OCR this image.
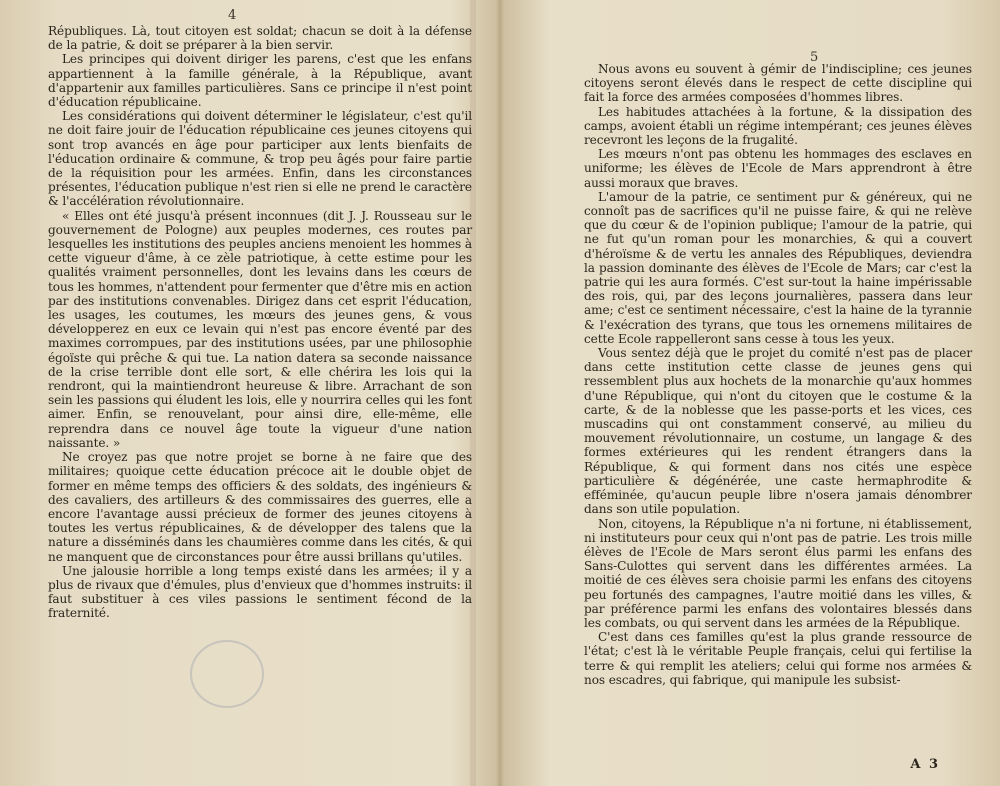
4

Républiques. Là, tout citoyen est soldat; chacun se doit à la défense de la patrie, & doit se préparer à la bien servir.

Les principes qui doivent diriger les parens, c'est que les enfans appartiennent à la famille générale, à la République, avant d'appartenir aux familles particulières. Sans ce principe il n'est point d'éducation républicaine.

Les considérations qui doivent déterminer le législateur, c'est qu'il ne doit faire jouir de l'éducation républicaine ces jeunes citoyens qui sont trop avancés en âge pour participer aux lents bienfaits de l'éducation ordinaire & commune, & trop peu âgés pour faire partie de la réquisition pour les armées. Enfin, dans les circonstances présentes, l'éducation publique n'est rien si elle ne prend le caractère & l'accélération révolutionnaire.

« Elles ont été jusqu'à présent inconnues (dit J. J. Rousseau sur le gouvernement de Pologne) aux peuples modernes, ces routes par lesquelles les institutions des peuples anciens menoient les hommes à cette vigueur d'âme, à ce zèle patriotique, à cette estime pour les qualités vraiment personnelles, dont les levains dans les cœurs de tous les hommes, n'attendent pour fermenter que d'être mis en action par des institutions convenables. Dirigez dans cet esprit l'éducation, les usages, les coutumes, les mœurs des jeunes gens, & vous développerez en eux ce levain qui n'est pas encore éventé par des maximes corrompues, par des institutions usées, par une philosophie égoïste qui prêche & qui tue. La nation datera sa seconde naissance de la crise terrible dont elle sort, & elle chérira les lois qui la rendront, qui la maintiendront heureuse & libre. Arrachant de son sein les passions qui éludent les lois, elle y nourrira celles qui les font aimer. Enfin, se renouvelant, pour ainsi dire, elle-même, elle reprendra dans ce nouvel âge toute la vigueur d'une nation naissante. »

Ne croyez pas que notre projet se borne à ne faire que des militaires; quoique cette éducation précoce ait le double objet de former en même temps des officiers & des soldats, des ingénieurs & des cavaliers, des artilleurs & des commissaires des guerres, elle a encore l'avantage aussi précieux de former des jeunes citoyens à toutes les vertus républicaines, & de développer des talens que la nature a disséminés dans les chaumières comme dans les cités, & qui ne manquent que de circonstances pour être aussi brillans qu'utiles.

Une jalousie horrible a long temps existé dans les armées; il y a plus de rivaux que d'émules, plus d'envieux que d'hommes instruits: il faut substituer à ces viles passions le sentiment fécond de la fraternité.

5

Nous avons eu souvent à gémir de l'indiscipline; ces jeunes citoyens seront élevés dans le respect de cette discipline qui fait la force des armées composées d'hommes libres.

Les habitudes attachées à la fortune, & la dissipation des camps, avoient établi un régime intempérant; ces jeunes élèves recevront les leçons de la frugalité.

Les mœurs n'ont pas obtenu les hommages des esclaves en uniforme; les élèves de l'Ecole de Mars apprendront à être aussi moraux que braves.

L'amour de la patrie, ce sentiment pur & généreux, qui ne connoît pas de sacrifices qu'il ne puisse faire, & qui ne relève que du cœur & de l'opinion publique; l'amour de la patrie, qui ne fut qu'un roman pour les monarchies, & qui a couvert d'héroïsme & de vertu les annales des Républiques, deviendra la passion dominante des élèves de l'Ecole de Mars; car c'est la patrie qui les aura formés. C'est sur-tout la haine impérissable des rois, qui, par des leçons journalières, passera dans leur ame; c'est ce sentiment nécessaire, c'est la haine de la tyrannie & l'exécration des tyrans, que tous les ornemens militaires de cette Ecole rappelleront sans cesse à tous les yeux.

Vous sentez déjà que le projet du comité n'est pas de placer dans cette institution cette classe de jeunes gens qui ressemblent plus aux hochets de la monarchie qu'aux hommes d'une République, qui n'ont du citoyen que le costume & la carte, & de la noblesse que les passe-ports et les vices, ces muscadins qui ont constamment conservé, au milieu du mouvement révolutionnaire, un costume, un langage & des formes extérieures qui les rendent étrangers dans la République, & qui forment dans nos cités une espèce particulière & dégénérée, une caste hermaphrodite & efféminée, qu'aucun peuple libre n'osera jamais dénombrer dans son utile population.

Non, citoyens, la République n'a ni fortune, ni établissement, ni instituteurs pour ceux qui n'ont pas de patrie. Les trois mille élèves de l'Ecole de Mars seront élus parmi les enfans des Sans-Culottes qui servent dans les différentes armées. La moitié de ces élèves sera choisie parmi les enfans des citoyens peu fortunés des campagnes, l'autre moitié dans les villes, & par préférence parmi les enfans des volontaires blessés dans les combats, ou qui servent dans les armées de la République.

C'est dans ces familles qu'est la plus grande ressource de l'état; c'est là le véritable Peuple français, celui qui fertilise la terre & qui remplit les ateliers; celui qui forme nos armées & nos escadres, qui fabrique, qui manipule les subsist-

A 3
